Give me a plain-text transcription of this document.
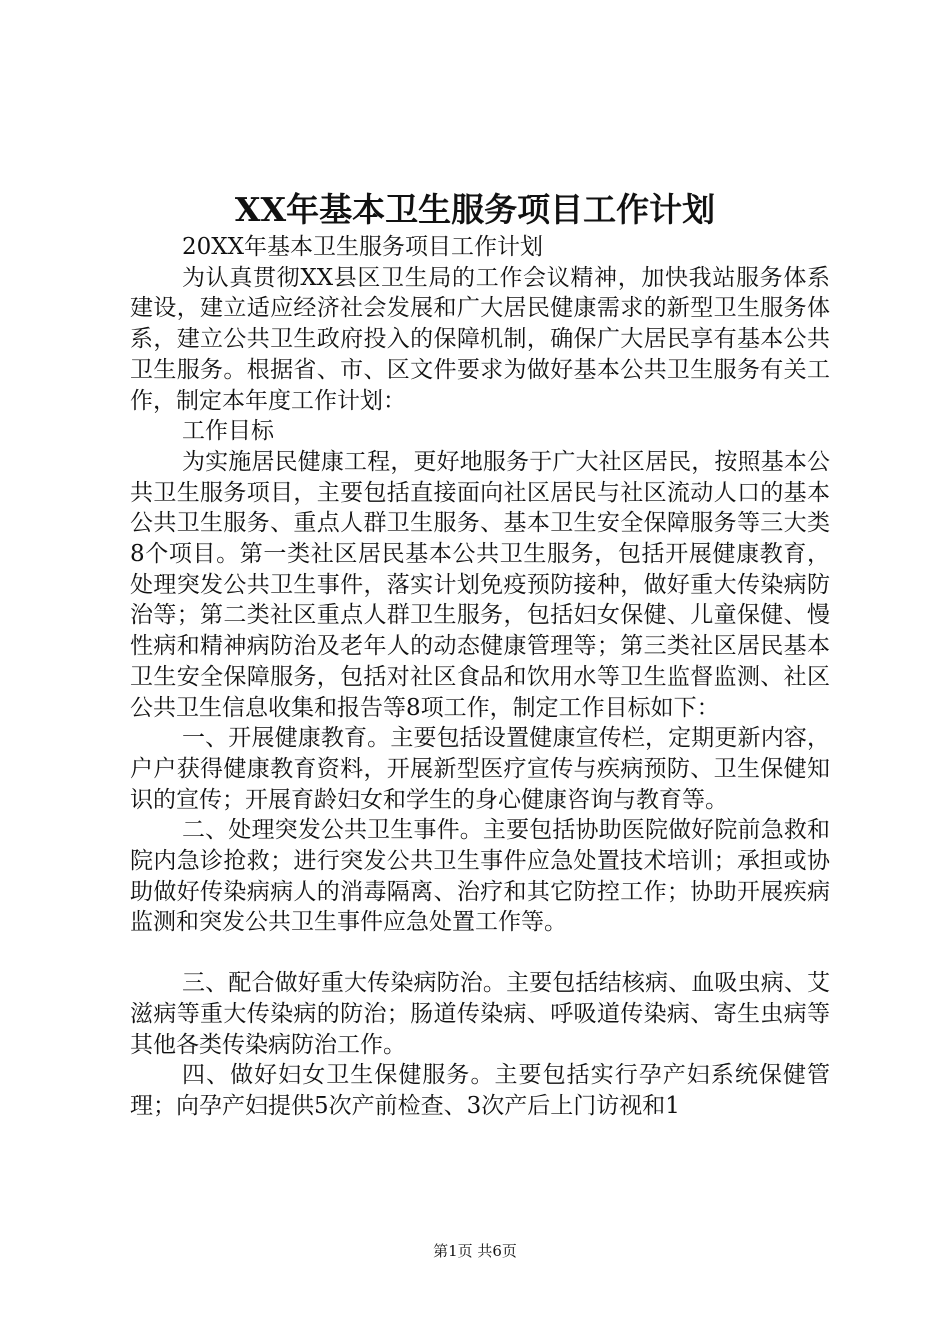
XX年基本卫生服务项目工作计划

20XX年基本卫生服务项目工作计划

为认真贯彻XX县区卫生局的工作会议精神，加快我站服务体系建设，建立适应经济社会发展和广大居民健康需求的新型卫生服务体系，建立公共卫生政府投入的保障机制，确保广大居民享有基本公共卫生服务。根据省、市、区文件要求为做好基本公共卫生服务有关工作，制定本年度工作计划：

工作目标

为实施居民健康工程，更好地服务于广大社区居民，按照基本公共卫生服务项目，主要包括直接面向社区居民与社区流动人口的基本公共卫生服务、重点人群卫生服务、基本卫生安全保障服务等三大类8个项目。第一类社区居民基本公共卫生服务，包括开展健康教育，处理突发公共卫生事件，落实计划免疫预防接种，做好重大传染病防治等；第二类社区重点人群卫生服务，包括妇女保健、儿童保健、慢性病和精神病防治及老年人的动态健康管理等；第三类社区居民基本卫生安全保障服务，包括对社区食品和饮用水等卫生监督监测、社区公共卫生信息收集和报告等8项工作，制定工作目标如下：

一、开展健康教育。主要包括设置健康宣传栏，定期更新内容，户户获得健康教育资料，开展新型医疗宣传与疾病预防、卫生保健知识的宣传；开展育龄妇女和学生的身心健康咨询与教育等。

二、处理突发公共卫生事件。主要包括协助医院做好院前急救和院内急诊抢救；进行突发公共卫生事件应急处置技术培训；承担或协助做好传染病病人的消毒隔离、治疗和其它防控工作；协助开展疾病监测和突发公共卫生事件应急处置工作等。

三、配合做好重大传染病防治。主要包括结核病、血吸虫病、艾滋病等重大传染病的防治；肠道传染病、呼吸道传染病、寄生虫病等其他各类传染病防治工作。

四、做好妇女卫生保健服务。主要包括实行孕产妇系统保健管理；向孕产妇提供5次产前检查、3次产后上门访视和1

第1页 共6页
